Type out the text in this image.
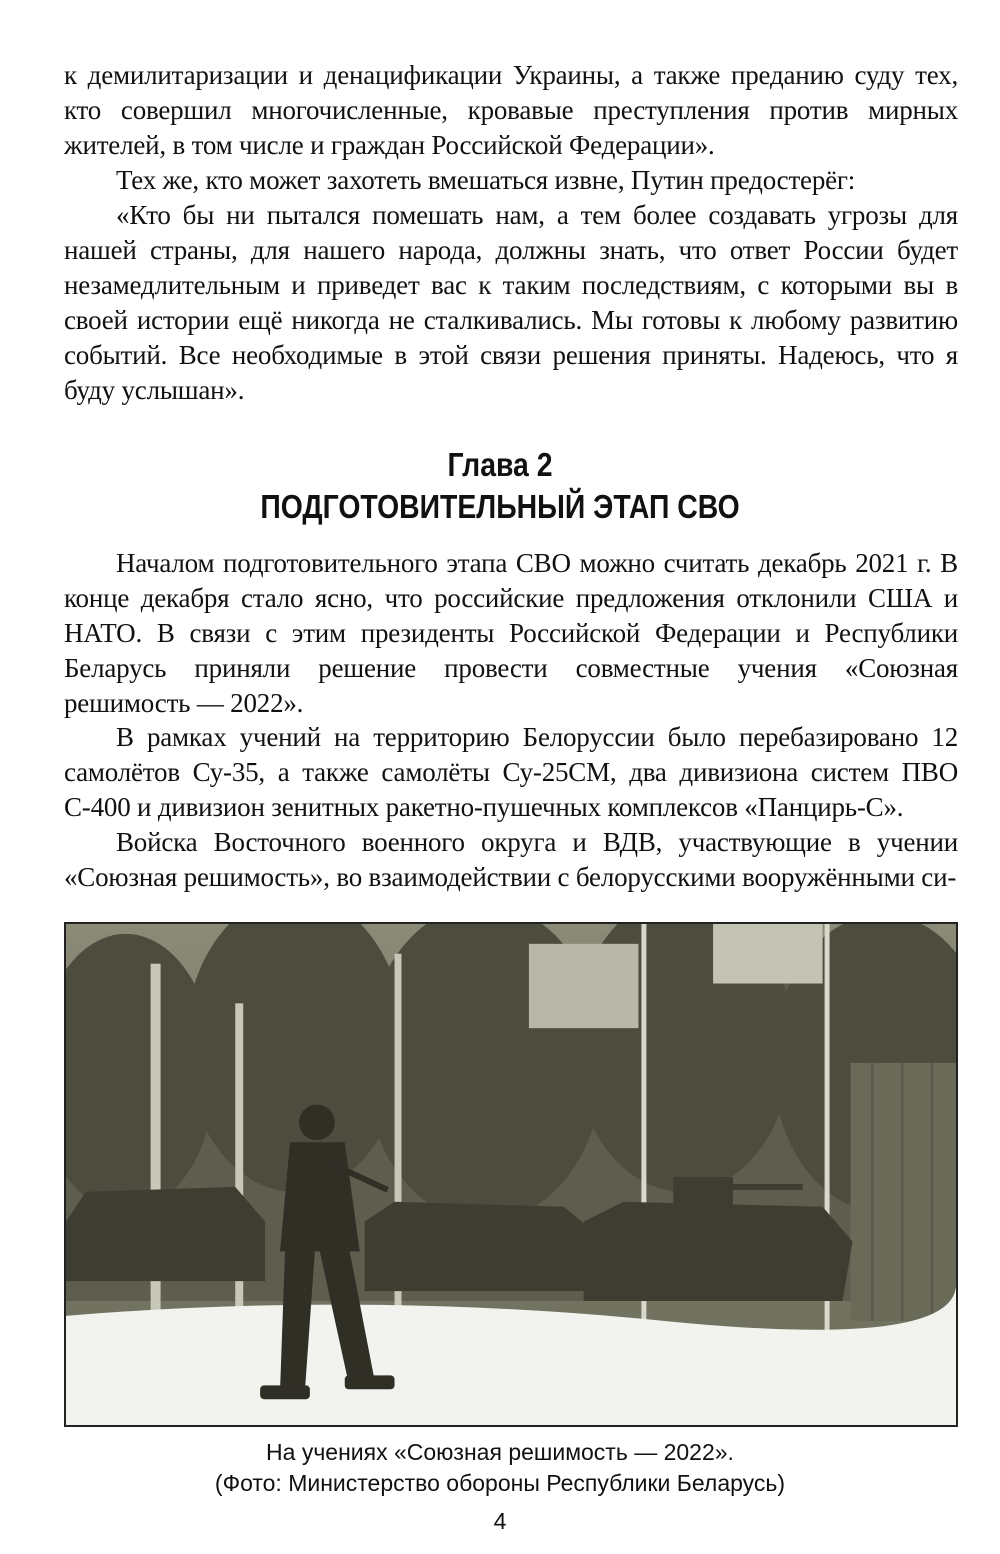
к демилитаризации и денацификации Украины, а также преданию суду тех, кто совершил многочисленные, кровавые преступления против мирных жителей, в том числе и граждан Российской Федерации».

Тех же, кто может захотеть вмешаться извне, Путин предостерёг:

«Кто бы ни пытался помешать нам, а тем более создавать угрозы для нашей страны, для нашего народа, должны знать, что ответ России будет незамедлительным и приведет вас к таким последствиям, с которыми вы в своей истории ещё никогда не сталкивались. Мы готовы к любому развитию событий. Все необходимые в этой связи решения приняты. Надеюсь, что я буду услышан».

Глава 2
ПОДГОТОВИТЕЛЬНЫЙ ЭТАП СВО

Началом подготовительного этапа СВО можно считать декабрь 2021 г. В конце декабря стало ясно, что российские предложения отклонили США и НАТО. В связи с этим президенты Российской Федерации и Республики Беларусь приняли решение провести совместные учения «Союзная решимость — 2022».

В рамках учений на территорию Белоруссии было перебазировано 12 самолётов Су-35, а также самолёты Су-25СМ, два дивизиона систем ПВО С-400 и дивизион зенитных ракетно-пушечных комплексов «Панцирь-С».

Войска Восточного военного округа и ВДВ, участвующие в учении «Союзная решимость», во взаимодействии с белорусскими вооружёнными си-

На учениях «Союзная решимость — 2022».
(Фото: Министерство обороны Республики Беларусь)
4
